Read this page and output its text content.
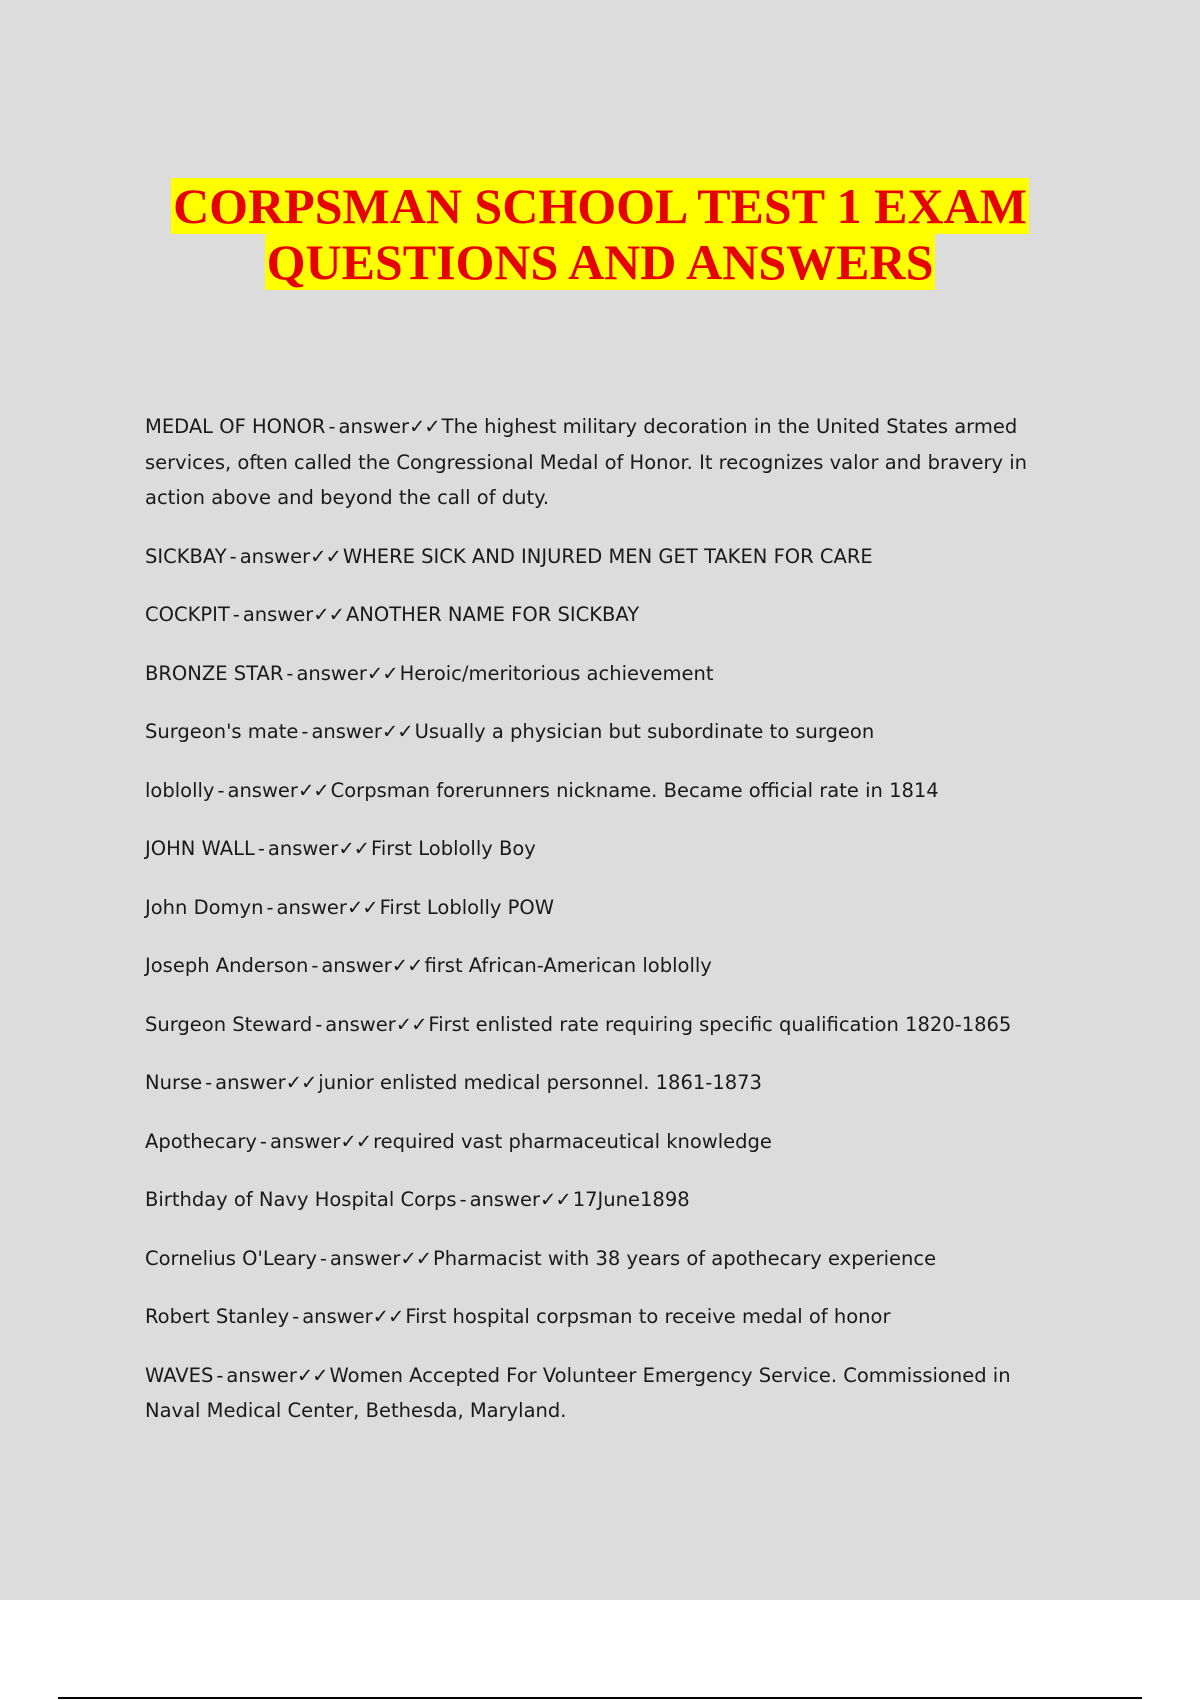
CORPSMAN SCHOOL TEST 1 EXAM
QUESTIONS AND ANSWERS
MEDAL OF HONOR - answer✓✓ The highest military decoration in the United States armed services, often called the Congressional Medal of Honor. It recognizes valor and bravery in action above and beyond the call of duty.
SICKBAY - answer✓✓ WHERE SICK AND INJURED MEN GET TAKEN FOR CARE
COCKPIT - answer✓✓ ANOTHER NAME FOR SICKBAY
BRONZE STAR - answer✓✓ Heroic/meritorious achievement
Surgeon's mate - answer✓✓ Usually a physician but subordinate to surgeon
loblolly - answer✓✓ Corpsman forerunners nickname. Became official rate in 1814
JOHN WALL - answer✓✓ First Loblolly Boy
John Domyn - answer✓✓ First Loblolly POW
Joseph Anderson - answer✓✓ first African-American loblolly
Surgeon Steward - answer✓✓ First enlisted rate requiring specific qualification 1820-1865
Nurse - answer✓✓ junior enlisted medical personnel. 1861-1873
Apothecary - answer✓✓ required vast pharmaceutical knowledge
Birthday of Navy Hospital Corps - answer✓✓ 17June1898
Cornelius O'Leary - answer✓✓ Pharmacist with 38 years of apothecary experience
Robert Stanley - answer✓✓ First hospital corpsman to receive medal of honor
WAVES - answer✓✓ Women Accepted For Volunteer Emergency Service. Commissioned in Naval Medical Center, Bethesda, Maryland.
